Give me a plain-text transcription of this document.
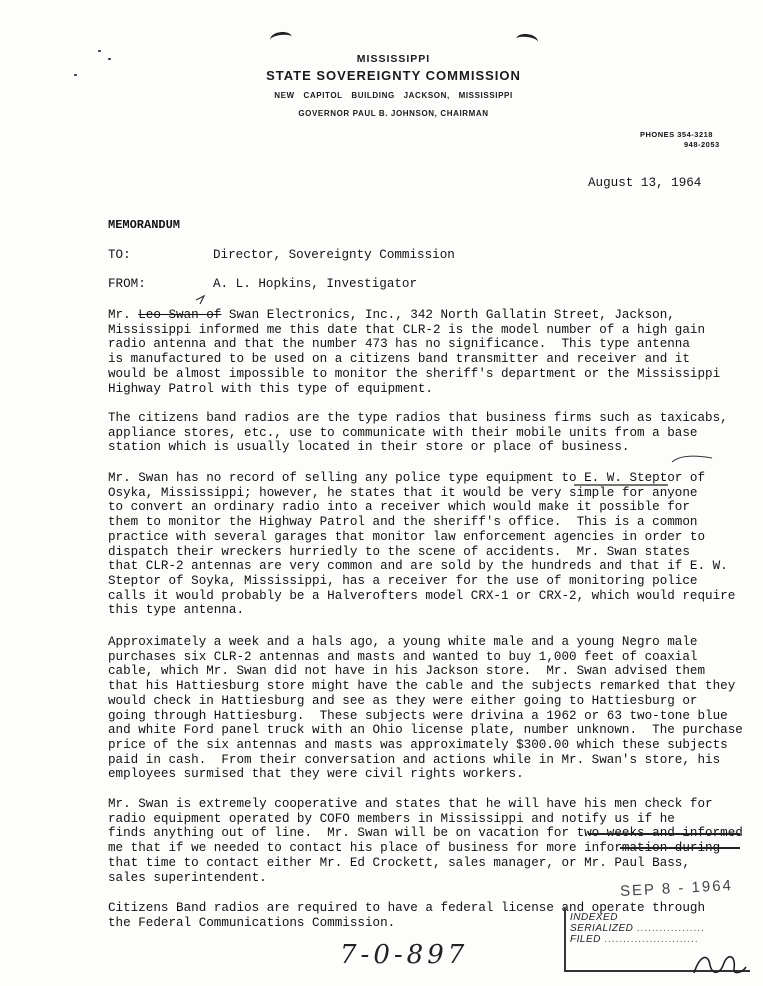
MISSISSIPPI
STATE SOVEREIGNTY COMMISSION
NEW CAPITOL BUILDING JACKSON, MISSISSIPPI
GOVERNOR PAUL B. JOHNSON, CHAIRMAN
PHONES 354-3218
948-2053
August 13, 1964
MEMORANDUM
TO:	Director, Sovereignty Commission
FROM:	A. L. Hopkins, Investigator
Mr. Leo Swan of Swan Electronics, Inc., 342 North Gallatin Street, Jackson,
Mississippi informed me this date that CLR-2 is the model number of a high gain
radio antenna and that the number 473 has no significance.  This type antenna
is manufactured to be used on a citizens band transmitter and receiver and it
would be almost impossible to monitor the sheriff's department or the Mississippi
Highway Patrol with this type of equipment.
The citizens band radios are the type radios that business firms such as taxicabs,
appliance stores, etc., use to communicate with their mobile units from a base
station which is usually located in their store or place of business.
Mr. Swan has no record of selling any police type equipment to E. W. Steptor of
Osyka, Mississippi; however, he states that it would be very simple for anyone
to convert an ordinary radio into a receiver which would make it possible for
them to monitor the Highway Patrol and the sheriff's office.  This is a common
practice with several garages that monitor law enforcement agencies in order to
dispatch their wreckers hurriedly to the scene of accidents.  Mr. Swan states
that CLR-2 antennas are very common and are sold by the hundreds and that if E. W.
Steptor of Soyka, Mississippi, has a receiver for the use of monitoring police
calls it would probably be a Halverofters model CRX-1 or CRX-2, which would require
this type antenna.
Approximately a week and a hals ago, a young white male and a young Negro male
purchases six CLR-2 antennas and masts and wanted to buy 1,000 feet of coaxial
cable, which Mr. Swan did not have in his Jackson store.  Mr. Swan advised them
that his Hattiesburg store might have the cable and the subjects remarked that they
would check in Hattiesburg and see as they were either going to Hattiesburg or
going through Hattiesburg.  These subjects were drivina a 1962 or 63 two-tone blue
and white Ford panel truck with an Ohio license plate, number unknown.  The purchase
price of the six antennas and masts was approximately $300.00 which these subjects
paid in cash.  From their conversation and actions while in Mr. Swan's store, his
employees surmised that they were civil rights workers.
Mr. Swan is extremely cooperative and states that he will have his men check for
radio equipment operated by COFO members in Mississippi and notify us if he
finds anything out of line.  Mr. Swan will be on vacation for two weeks and informed
me that if we needed to contact his place of business for more information during
that time to contact either Mr. Ed Crockett, sales manager, or Mr. Paul Bass,
sales superintendent.
Citizens Band radios are required to have a federal license and operate through
the Federal Communications Commission.
7-0-897
SEP 8 - 1964
INDEXED
SERIALIZED ..................
FILED .........................
